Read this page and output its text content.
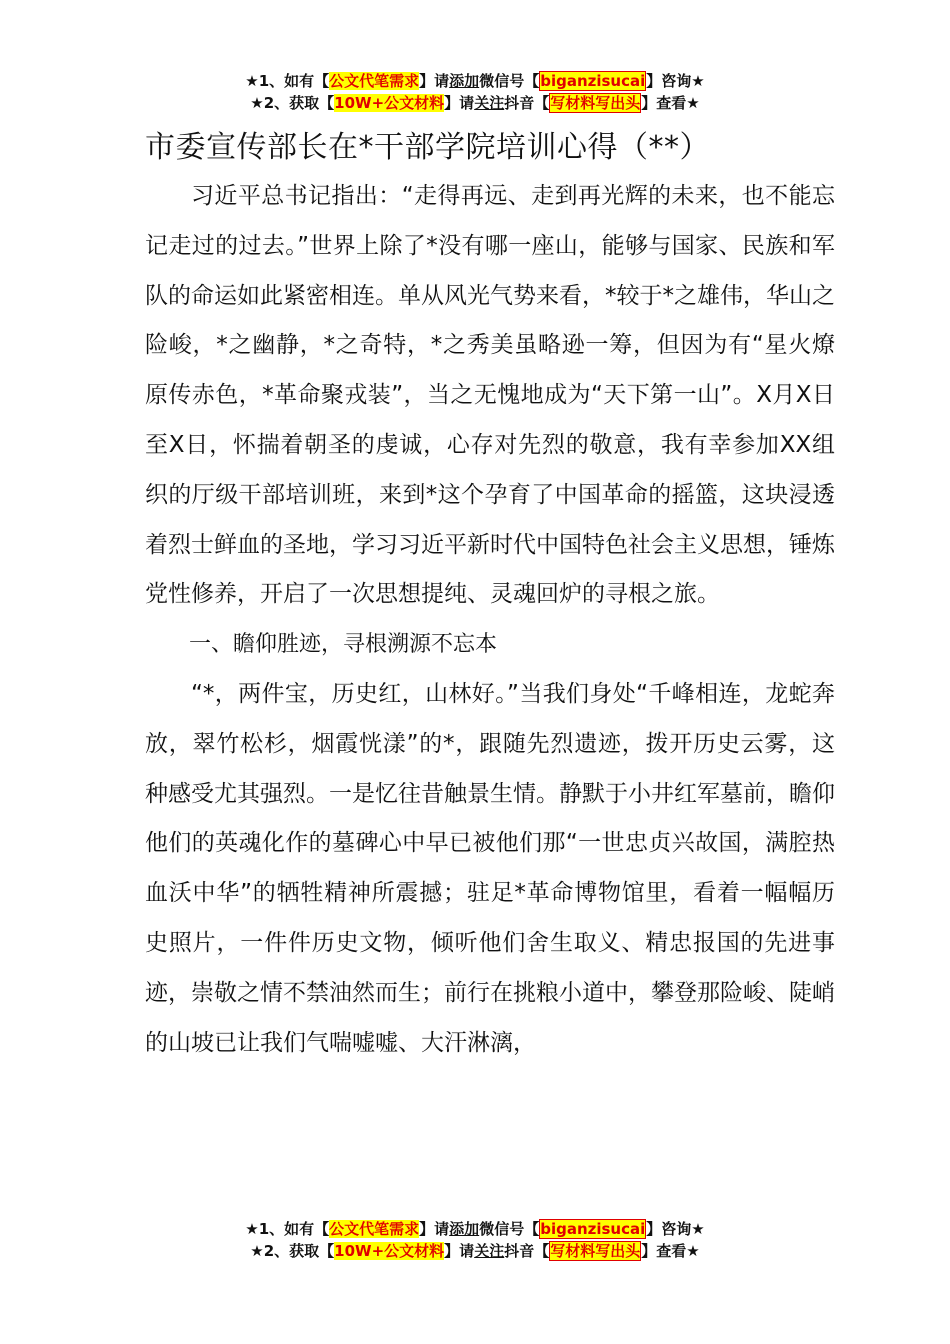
★1、如有【公文代笔需求】请添加微信号【biganzisucai】咨询★
★2、获取【10W+公文材料】请关注抖音【写材料写出头】查看★
市委宣传部长在*干部学院培训心得（**）

习近平总书记指出：“走得再远、走到再光辉的未来，也不能忘记走过的过去。”世界上除了*没有哪一座山，能够与国家、民族和军队的命运如此紧密相连。单从风光气势来看，*较于*之雄伟，华山之险峻，*之幽静，*之奇特，*之秀美虽略逊一筹，但因为有“星火燎原传赤色，*革命聚戎装”，当之无愧地成为“天下第一山”。X月X日至X日，怀揣着朝圣的虔诚，心存对先烈的敬意，我有幸参加XX组织的厅级干部培训班，来到*这个孕育了中国革命的摇篮，这块浸透着烈士鲜血的圣地，学习习近平新时代中国特色社会主义思想，锤炼党性修养，开启了一次思想提纯、灵魂回炉的寻根之旅。

一、瞻仰胜迹，寻根溯源不忘本

“*，两件宝，历史红，山林好。”当我们身处“千峰相连，龙蛇奔放，翠竹松杉，烟霞恍漾”的*，跟随先烈遗迹，拨开历史云雾，这种感受尤其强烈。一是忆往昔触景生情。静默于小井红军墓前，瞻仰他们的英魂化作的墓碑心中早已被他们那“一世忠贞兴故国，满腔热血沃中华”的牺牲精神所震撼；驻足*革命博物馆里，看着一幅幅历史照片，一件件历史文物，倾听他们舍生取义、精忠报国的先进事迹，崇敬之情不禁油然而生；前行在挑粮小道中，攀登那险峻、陡峭的山坡已让我们气喘嘘嘘、大汗淋漓，

★1、如有【公文代笔需求】请添加微信号【biganzisucai】咨询★
★2、获取【10W+公文材料】请关注抖音【写材料写出头】查看★
